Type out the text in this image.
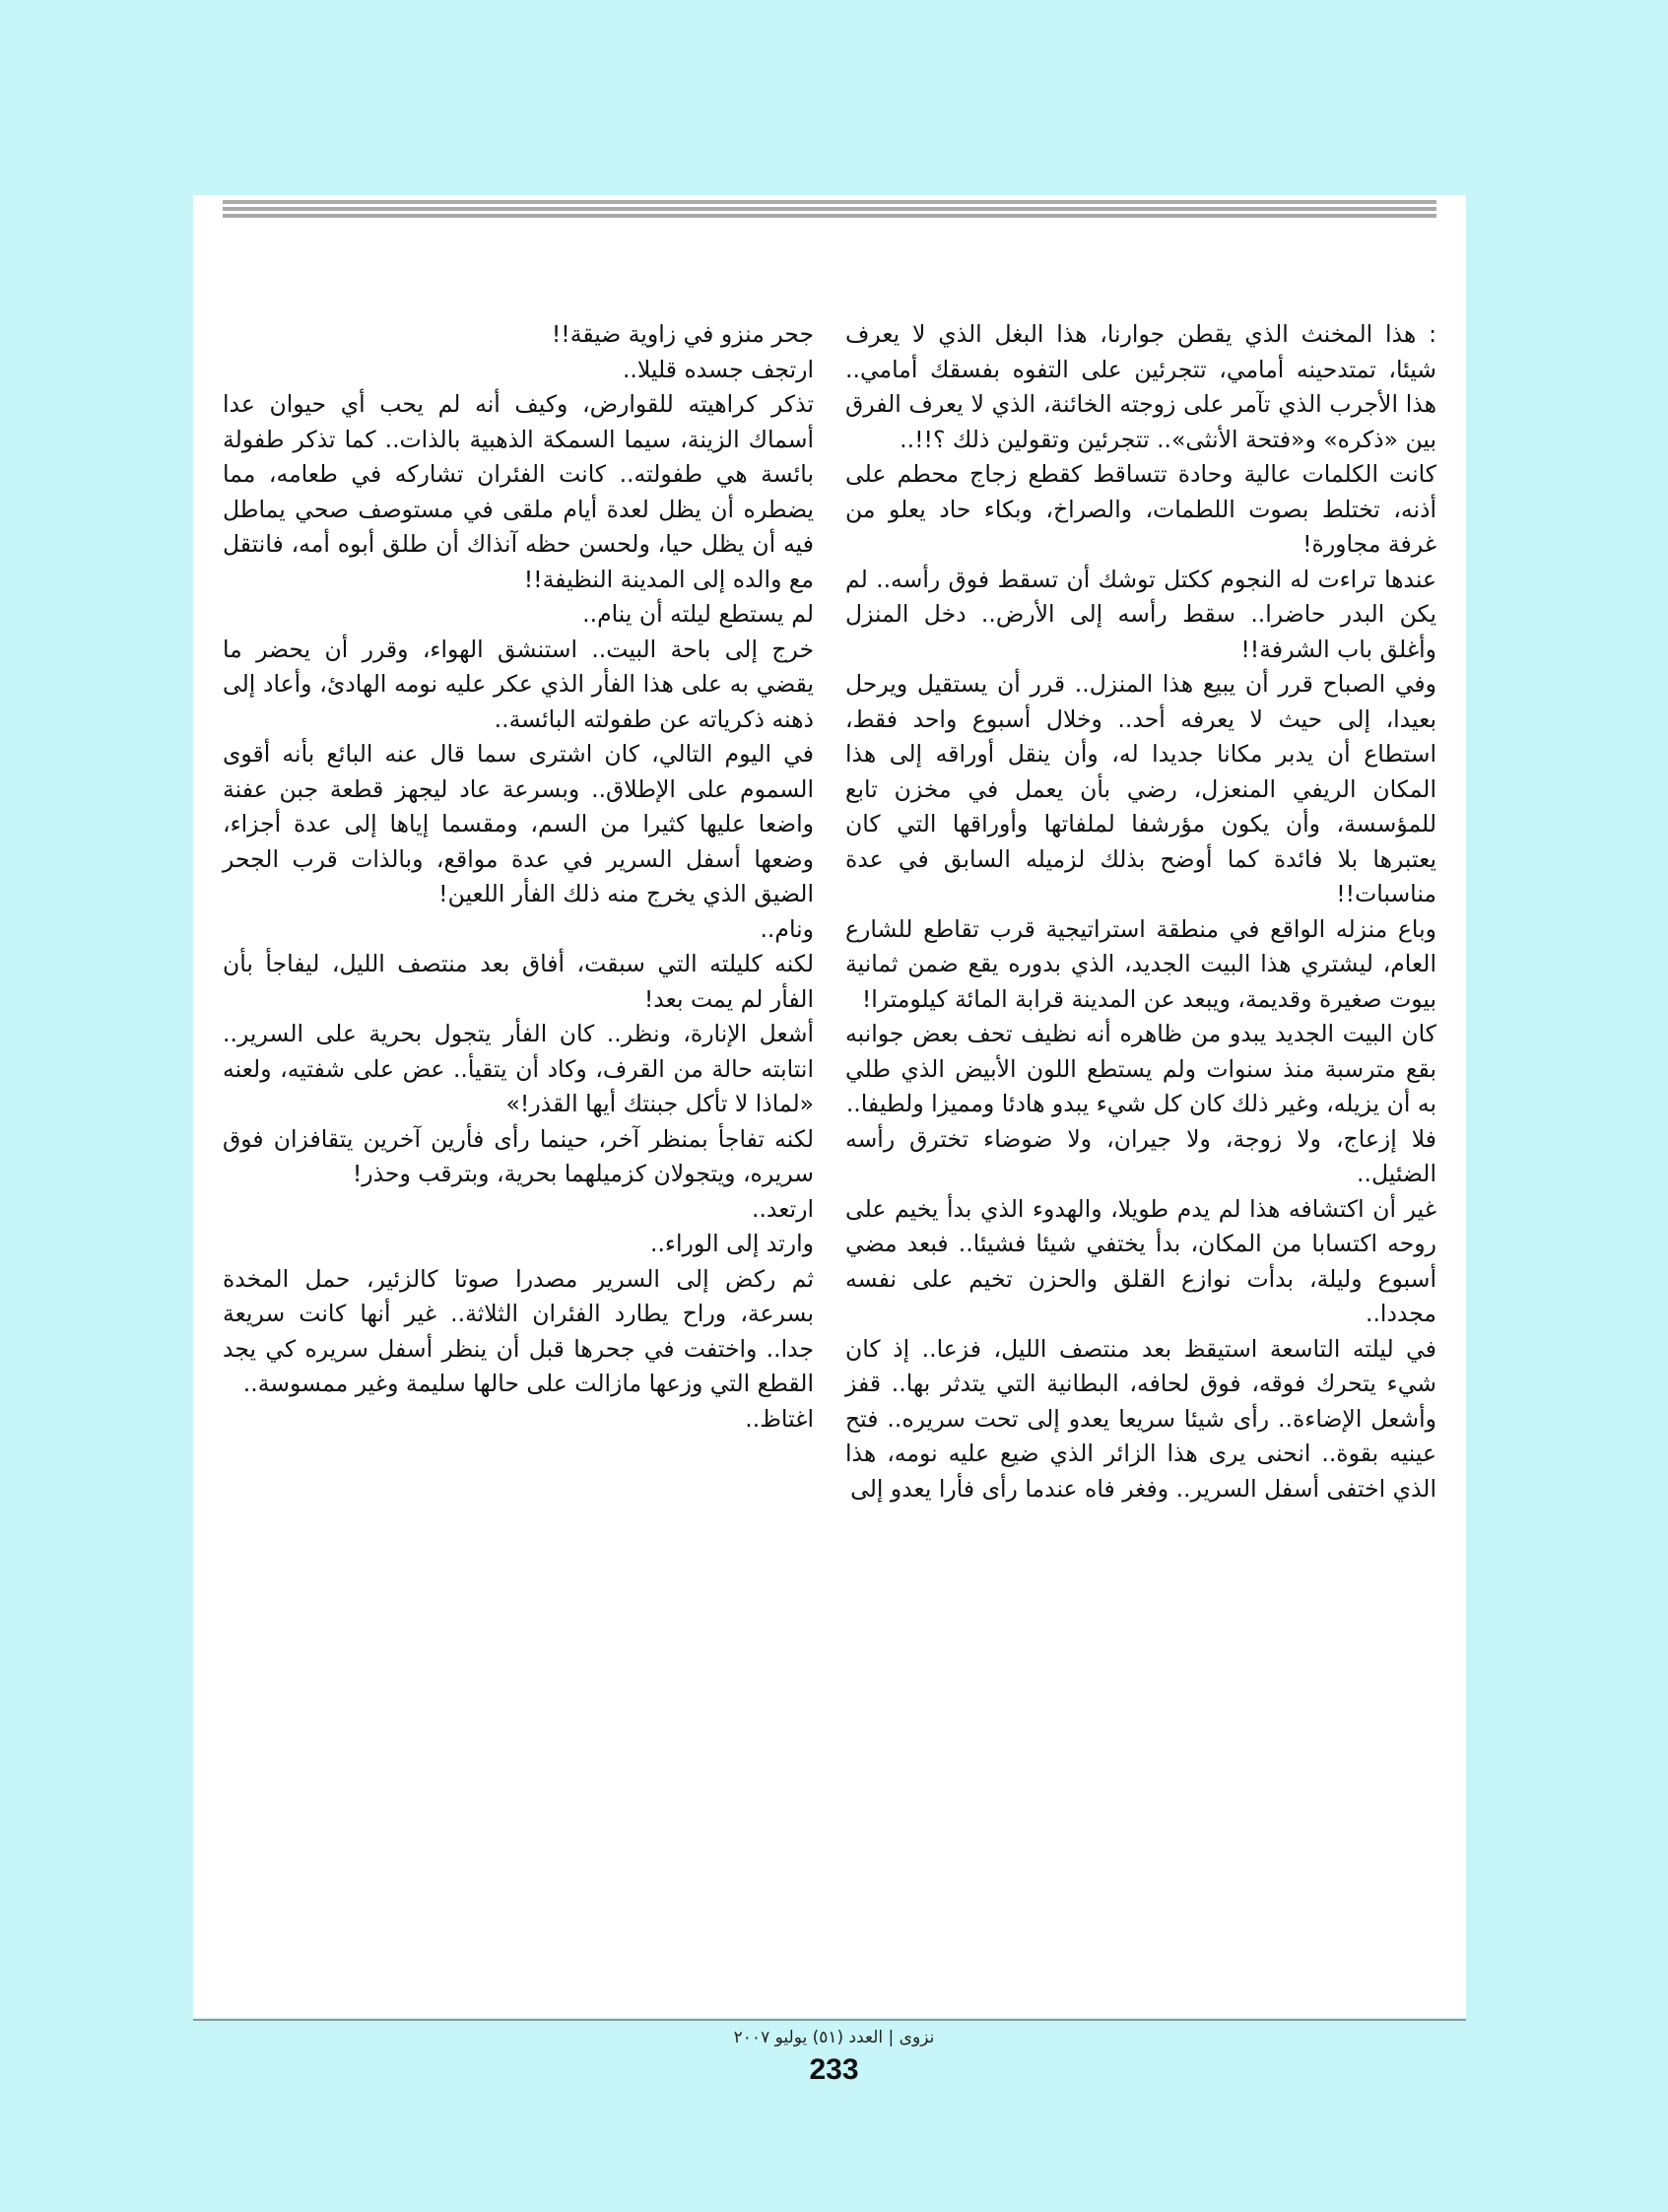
: هذا المخنث الذي يقطن جوارنا، هذا البغل الذي لا يعرف شيئا، تمتدحينه أمامي، تتجرئين على التفوه بفسقك أمامي.. هذا الأجرب الذي تآمر على زوجته الخائنة، الذي لا يعرف الفرق بين «ذكره» و«فتحة الأنثى».. تتجرئين وتقولين ذلك ؟!!..

كانت الكلمات عالية وحادة تتساقط كقطع زجاج محطم على أذنه، تختلط بصوت اللطمات، والصراخ، وبكاء حاد يعلو من غرفة مجاورة!

عندها تراءت له النجوم ككتل توشك أن تسقط فوق رأسه.. لم يكن البدر حاضرا.. سقط رأسه إلى الأرض.. دخل المنزل وأغلق باب الشرفة!!

وفي الصباح قرر أن يبيع هذا المنزل.. قرر أن يستقيل ويرحل بعيدا، إلى حيث لا يعرفه أحد.. وخلال أسبوع واحد فقط، استطاع أن يدبر مكانا جديدا له، وأن ينقل أوراقه إلى هذا المكان الريفي المنعزل، رضي بأن يعمل في مخزن تابع للمؤسسة، وأن يكون مؤرشفا لملفاتها وأوراقها التي كان يعتبرها بلا فائدة كما أوضح بذلك لزميله السابق في عدة مناسبات!!

وباع منزله الواقع في منطقة استراتيجية قرب تقاطع للشارع العام، ليشتري هذا البيت الجديد، الذي بدوره يقع ضمن ثمانية بيوت صغيرة وقديمة، ويبعد عن المدينة قرابة المائة كيلومترا!

كان البيت الجديد يبدو من ظاهره أنه نظيف تحف بعض جوانبه بقع مترسبة منذ سنوات ولم يستطع اللون الأبيض الذي طلي به أن يزيله، وغير ذلك كان كل شيء يبدو هادئا ومميزا ولطيفا..

فلا إزعاج، ولا زوجة، ولا جيران، ولا ضوضاء تخترق رأسه الضئيل..

غير أن اكتشافه هذا لم يدم طويلا، والهدوء الذي بدأ يخيم على روحه اكتسابا من المكان، بدأ يختفي شيئا فشيئا.. فبعد مضي أسبوع وليلة، بدأت نوازع القلق والحزن تخيم على نفسه مجددا..

في ليلته التاسعة استيقظ بعد منتصف الليل، فزعا.. إذ كان شيء يتحرك فوقه، فوق لحافه، البطانية التي يتدثر بها.. قفز وأشعل الإضاءة.. رأى شيئا سريعا يعدو إلى تحت سريره.. فتح عينيه بقوة.. انحنى يرى هذا الزائر الذي ضيع عليه نومه، هذا الذي اختفى أسفل السرير.. وفغر فاه عندما رأى فأرا يعدو إلى

جحر منزو في زاوية ضيقة!!

ارتجف جسده قليلا..

تذكر كراهيته للقوارض، وكيف أنه لم يحب أي حيوان عدا أسماك الزينة، سيما السمكة الذهبية بالذات.. كما تذكر طفولة بائسة هي طفولته.. كانت الفئران تشاركه في طعامه، مما يضطره أن يظل لعدة أيام ملقى في مستوصف صحي يماطل فيه أن يظل حيا، ولحسن حظه آنذاك أن طلق أبوه أمه، فانتقل مع والده إلى المدينة النظيفة!!

لم يستطع ليلته أن ينام..

خرج إلى باحة البيت.. استنشق الهواء، وقرر أن يحضر ما يقضي به على هذا الفأر الذي عكر عليه نومه الهادئ، وأعاد إلى ذهنه ذكرياته عن طفولته البائسة..

في اليوم التالي، كان اشترى سما قال عنه البائع بأنه أقوى السموم على الإطلاق.. وبسرعة عاد ليجهز قطعة جبن عفنة واضعا عليها كثيرا من السم، ومقسما إياها إلى عدة أجزاء، وضعها أسفل السرير في عدة مواقع، وبالذات قرب الجحر الضيق الذي يخرج منه ذلك الفأر اللعين!

ونام..

لكنه كليلته التي سبقت، أفاق بعد منتصف الليل، ليفاجأ بأن الفأر لم يمت بعد!

أشعل الإنارة، ونظر.. كان الفأر يتجول بحرية على السرير.. انتابته حالة من القرف، وكاد أن يتقيأ.. عض على شفتيه، ولعنه «لماذا لا تأكل جبنتك أيها القذر!»

لكنه تفاجأ بمنظر آخر، حينما رأى فأرين آخرين يتقافزان فوق سريره، ويتجولان كزميلهما بحرية، وبترقب وحذر!

ارتعد..

وارتد إلى الوراء..

ثم ركض إلى السرير مصدرا صوتا كالزئير، حمل المخدة بسرعة، وراح يطارد الفئران الثلاثة.. غير أنها كانت سريعة جدا.. واختفت في جحرها قبل أن ينظر أسفل سريره كي يجد القطع التي وزعها مازالت على حالها سليمة وغير ممسوسة..

اغتاظ..

نزوى | العدد (٥١) يوليو ٢٠٠٧
233
